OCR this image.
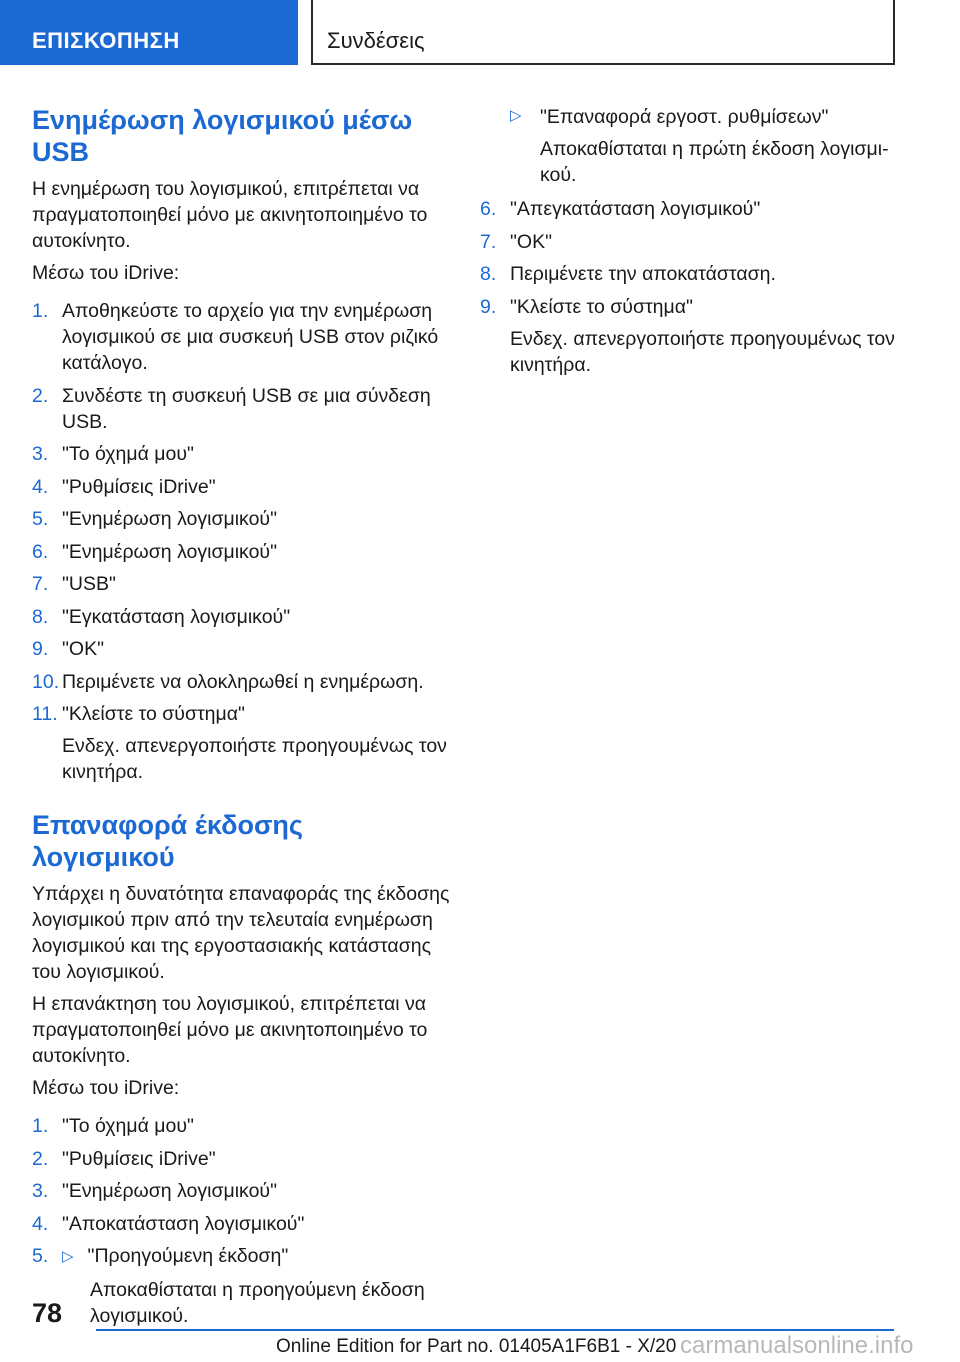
ΕΠΙΣΚΟΠΗΣΗ	Συνδέσεις
Ενημέρωση λογισμικού μέσω USB

Η ενημέρωση του λογισμικού, επιτρέπεται να πραγματοποιηθεί μόνο με ακινητοποιημένο το αυτοκίνητο.

Μέσω του iDrive:

1. Αποθηκεύστε το αρχείο για την ενημέρωση λογισμικού σε μια συσκευή USB στον ριζικό κατάλογο.
2. Συνδέστε τη συσκευή USB σε μια σύνδεση USB.
3. "Το όχημά μου"
4. "Ρυθμίσεις iDrive"
5. "Ενημέρωση λογισμικού"
6. "Ενημέρωση λογισμικού"
7. "USB"
8. "Εγκατάσταση λογισμικού"
9. "OK"
10. Περιμένετε να ολοκληρωθεί η ενημέρωση.
11. "Κλείστε το σύστημα"
Ενδεχ. απενεργοποιήστε προηγουμένως τον κινητήρα.
Επαναφορά έκδοσης λογισμικού

Υπάρχει η δυνατότητα επαναφοράς της έκδοσης λογισμικού πριν από την τελευταία ενημέρωση λογισμικού και της εργοστασιακής κατάστασης του λογισμικού.

Η επανάκτηση του λογισμικού, επιτρέπεται να πραγματοποιηθεί μόνο με ακινητοποιημένο το αυτοκίνητο.

Μέσω του iDrive:

1. "Το όχημά μου"
2. "Ρυθμίσεις iDrive"
3. "Ενημέρωση λογισμικού"
4. "Αποκατάσταση λογισμικού"
5. ▷ "Προηγούμενη έκδοση"
Αποκαθίσταται η προηγούμενη έκδοση λογισμικού.
▷ "Επαναφορά εργοστ. ρυθμίσεων"
Αποκαθίσταται η πρώτη έκδοση λογισμι- κού.
6. "Απεγκατάσταση λογισμικού"
7. "OK"
8. Περιμένετε την αποκατάσταση.
9. "Κλείστε το σύστημα"
Ενδεχ. απενεργοποιήστε προηγουμένως τον κινητήρα.
78
Online Edition for Part no. 01405A1F6B1 - X/20 carmanualsonline.info
